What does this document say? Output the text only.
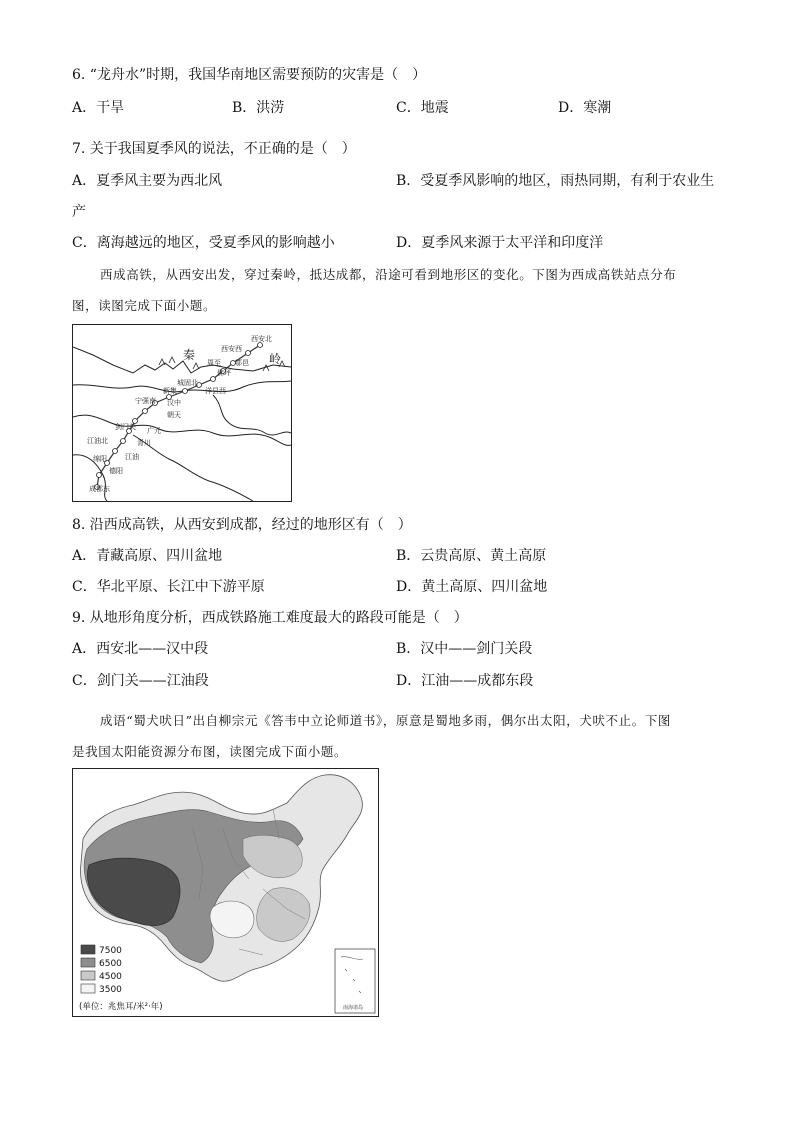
6. “龙舟水”时期，我国华南地区需要预防的灾害是（　）
A．干旱	B．洪涝	C．地震	D．寒潮
7. 关于我国夏季风的说法，不正确的是（　）
A．夏季风主要为西北风	B．受夏季风影响的地区，雨热同期，有利于农业生
产
C．离海越远的地区，受夏季风的影响越小	D．夏季风来源于太平洋和印度洋
西成高铁，从西安出发，穿过秦岭，抵达成都，沿途可看到地形区的变化。下图为西成高铁站点分布
图，读图完成下面小题。
秦	岭
西安北
西安西
鄠邑
周至
佛坪
城固北
洋县西
新集
汉中
宁强南
朝天
剑门关 广元
江油北	青川
绵阳	江油
德阳
成都东
8. 沿西成高铁，从西安到成都，经过的地形区有（　）
A．青藏高原、四川盆地	B．云贵高原、黄土高原
C．华北平原、长江中下游平原	D．黄土高原、四川盆地
9. 从地形角度分析，西成铁路施工难度最大的路段可能是（　）
A．西安北——汉中段	B．汉中——剑门关段
C．剑门关——江油段	D．江油——成都东段
成语“蜀犬吠日”出自柳宗元《答韦中立论师道书》，原意是蜀地多雨，偶尔出太阳，犬吠不止。下图
是我国太阳能资源分布图，读图完成下面小题。
7500
6500
4500
3500
(单位：兆焦耳/米²·年)	南海诸岛
